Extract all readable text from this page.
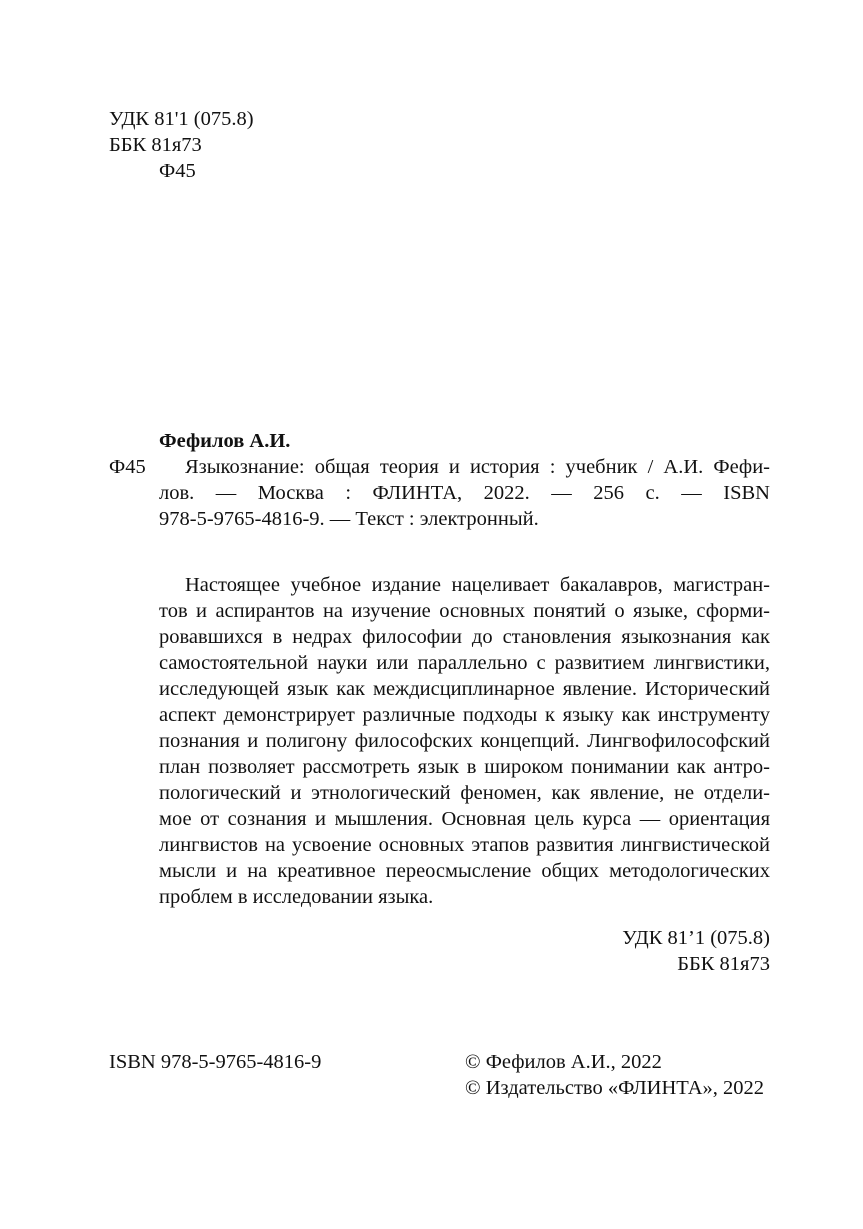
УДК 81'1 (075.8)
ББК 81я73
Ф45
Фефилов А.И.
Ф45 Языкознание: общая теория и история : учебник / А.И. Фефи-
лов. — Москва : ФЛИНТА, 2022. — 256 с. — ISBN
978-5-9765-4816-9. — Текст : электронный.
Настоящее учебное издание нацеливает бакалавров, магистран-
тов и аспирантов на изучение основных понятий о языке, сформи-
ровавшихся в недрах философии до становления языкознания как
самостоятельной науки или параллельно с развитием лингвистики,
исследующей язык как междисциплинарное явление. Исторический
аспект демонстрирует различные подходы к языку как инструменту
познания и полигону философских концепций. Лингвофилософский
план позволяет рассмотреть язык в широком понимании как антро-
пологический и этнологический феномен, как явление, не отдели-
мое от сознания и мышления. Основная цель курса — ориентация
лингвистов на усвоение основных этапов развития лингвистической
мысли и на креативное переосмысление общих методологических
проблем в исследовании языка.
УДК 81’1 (075.8)
ББК 81я73
ISBN 978-5-9765-4816-9	© Фефилов А.И., 2022
© Издательство «ФЛИНТА», 2022
